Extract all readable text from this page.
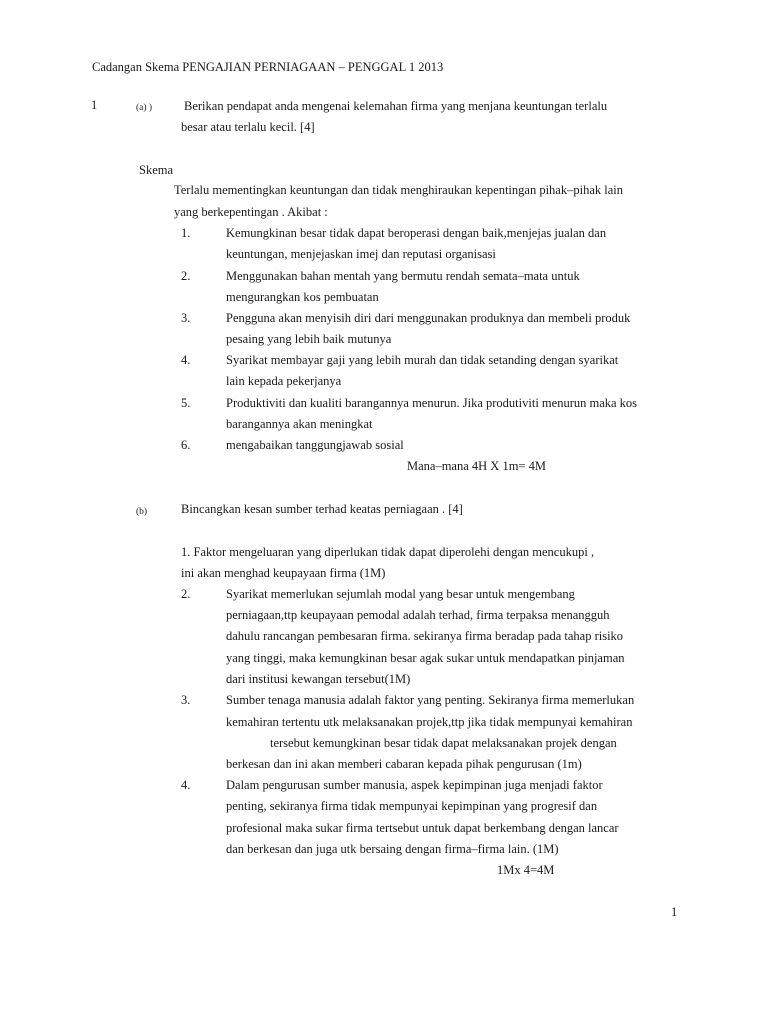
Cadangan Skema PENGAJIAN PERNIAGAAN – PENGGAL 1 2013
1	(a) )	Berikan pendapat anda mengenai kelemahan firma yang menjana keuntungan terlalu
besar atau terlalu kecil. [4]
Skema
Terlalu mementingkan keuntungan dan tidak menghiraukan kepentingan pihak–pihak lain
yang berkepentingan . Akibat :
1.	Kemungkinan besar tidak dapat beroperasi dengan baik,menjejas jualan dan
keuntungan, menjejaskan imej dan reputasi organisasi
2.	Menggunakan bahan mentah yang bermutu rendah semata–mata untuk
mengurangkan kos pembuatan
3.	Pengguna akan menyisih diri dari menggunakan produknya dan membeli produk
pesaing yang lebih baik mutunya
4.	Syarikat membayar gaji yang lebih murah dan tidak setanding dengan syarikat
lain kepada pekerjanya
5.	Produktiviti dan kualiti barangannya menurun. Jika produtiviti menurun maka kos
barangannya akan meningkat
6.	mengabaikan tanggungjawab sosial
Mana–mana 4H X 1m= 4M
(b)	Bincangkan kesan sumber terhad keatas perniagaan . [4]
1. Faktor mengeluaran yang diperlukan tidak dapat diperolehi dengan mencukupi ,
ini akan menghad keupayaan firma (1M)
2.	Syarikat memerlukan sejumlah modal yang besar untuk mengembang
perniagaan,ttp keupayaan pemodal adalah terhad, firma terpaksa menangguh
dahulu rancangan pembesaran firma. sekiranya firma beradap pada tahap risiko
yang tinggi, maka kemungkinan besar agak sukar untuk mendapatkan pinjaman
dari institusi kewangan tersebut(1M)
3.	Sumber tenaga manusia adalah faktor yang penting. Sekiranya firma memerlukan
kemahiran tertentu utk melaksanakan projek,ttp jika tidak mempunyai kemahiran
tersebut kemungkinan besar tidak dapat melaksanakan projek dengan
berkesan dan ini akan memberi cabaran kepada pihak pengurusan (1m)
4.	Dalam pengurusan sumber manusia, aspek kepimpinan juga menjadi faktor
penting, sekiranya firma tidak mempunyai kepimpinan yang progresif dan
profesional maka sukar firma tertsebut untuk dapat berkembang dengan lancar
dan berkesan dan juga utk bersaing dengan firma–firma lain. (1M)
1Mx 4=4M
1
